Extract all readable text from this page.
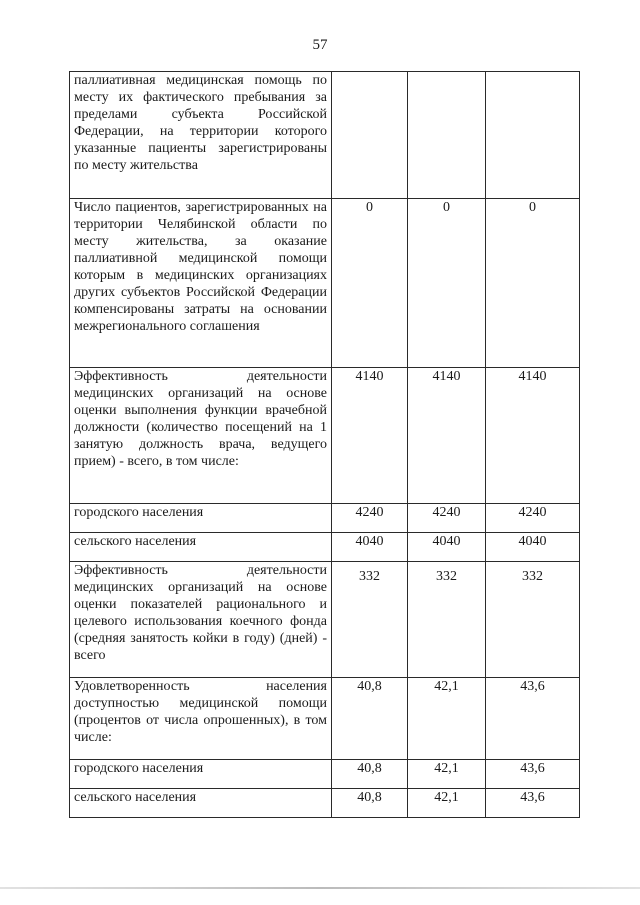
57
паллиативная медицинская помощь по месту их фактического пребывания за пределами субъекта Российской Федерации, на территории которого указанные пациенты зарегистрированы по месту жительства			
Число пациентов, зарегистрированных на территории Челябинской области по месту жительства, за оказание паллиативной медицинской помощи которым в медицинских организациях других субъектов Российской Федерации компенсированы затраты на основании межрегионального соглашения	0	0	0
Эффективность деятельности медицинских организаций на основе оценки выполнения функции врачебной должности (количество посещений на 1 занятую должность врача, ведущего прием) - всего, в том числе:	4140	4140	4140
городского населения	4240	4240	4240
сельского населения	4040	4040	4040
Эффективность деятельности медицинских организаций на основе оценки показателей рационального и целевого использования коечного фонда (средняя занятость койки в году) (дней) - всего	332	332	332
Удовлетворенность населения доступностью медицинской помощи (процентов от числа опрошенных), в том числе:	40,8	42,1	43,6
городского населения	40,8	42,1	43,6
сельского населения	40,8	42,1	43,6
